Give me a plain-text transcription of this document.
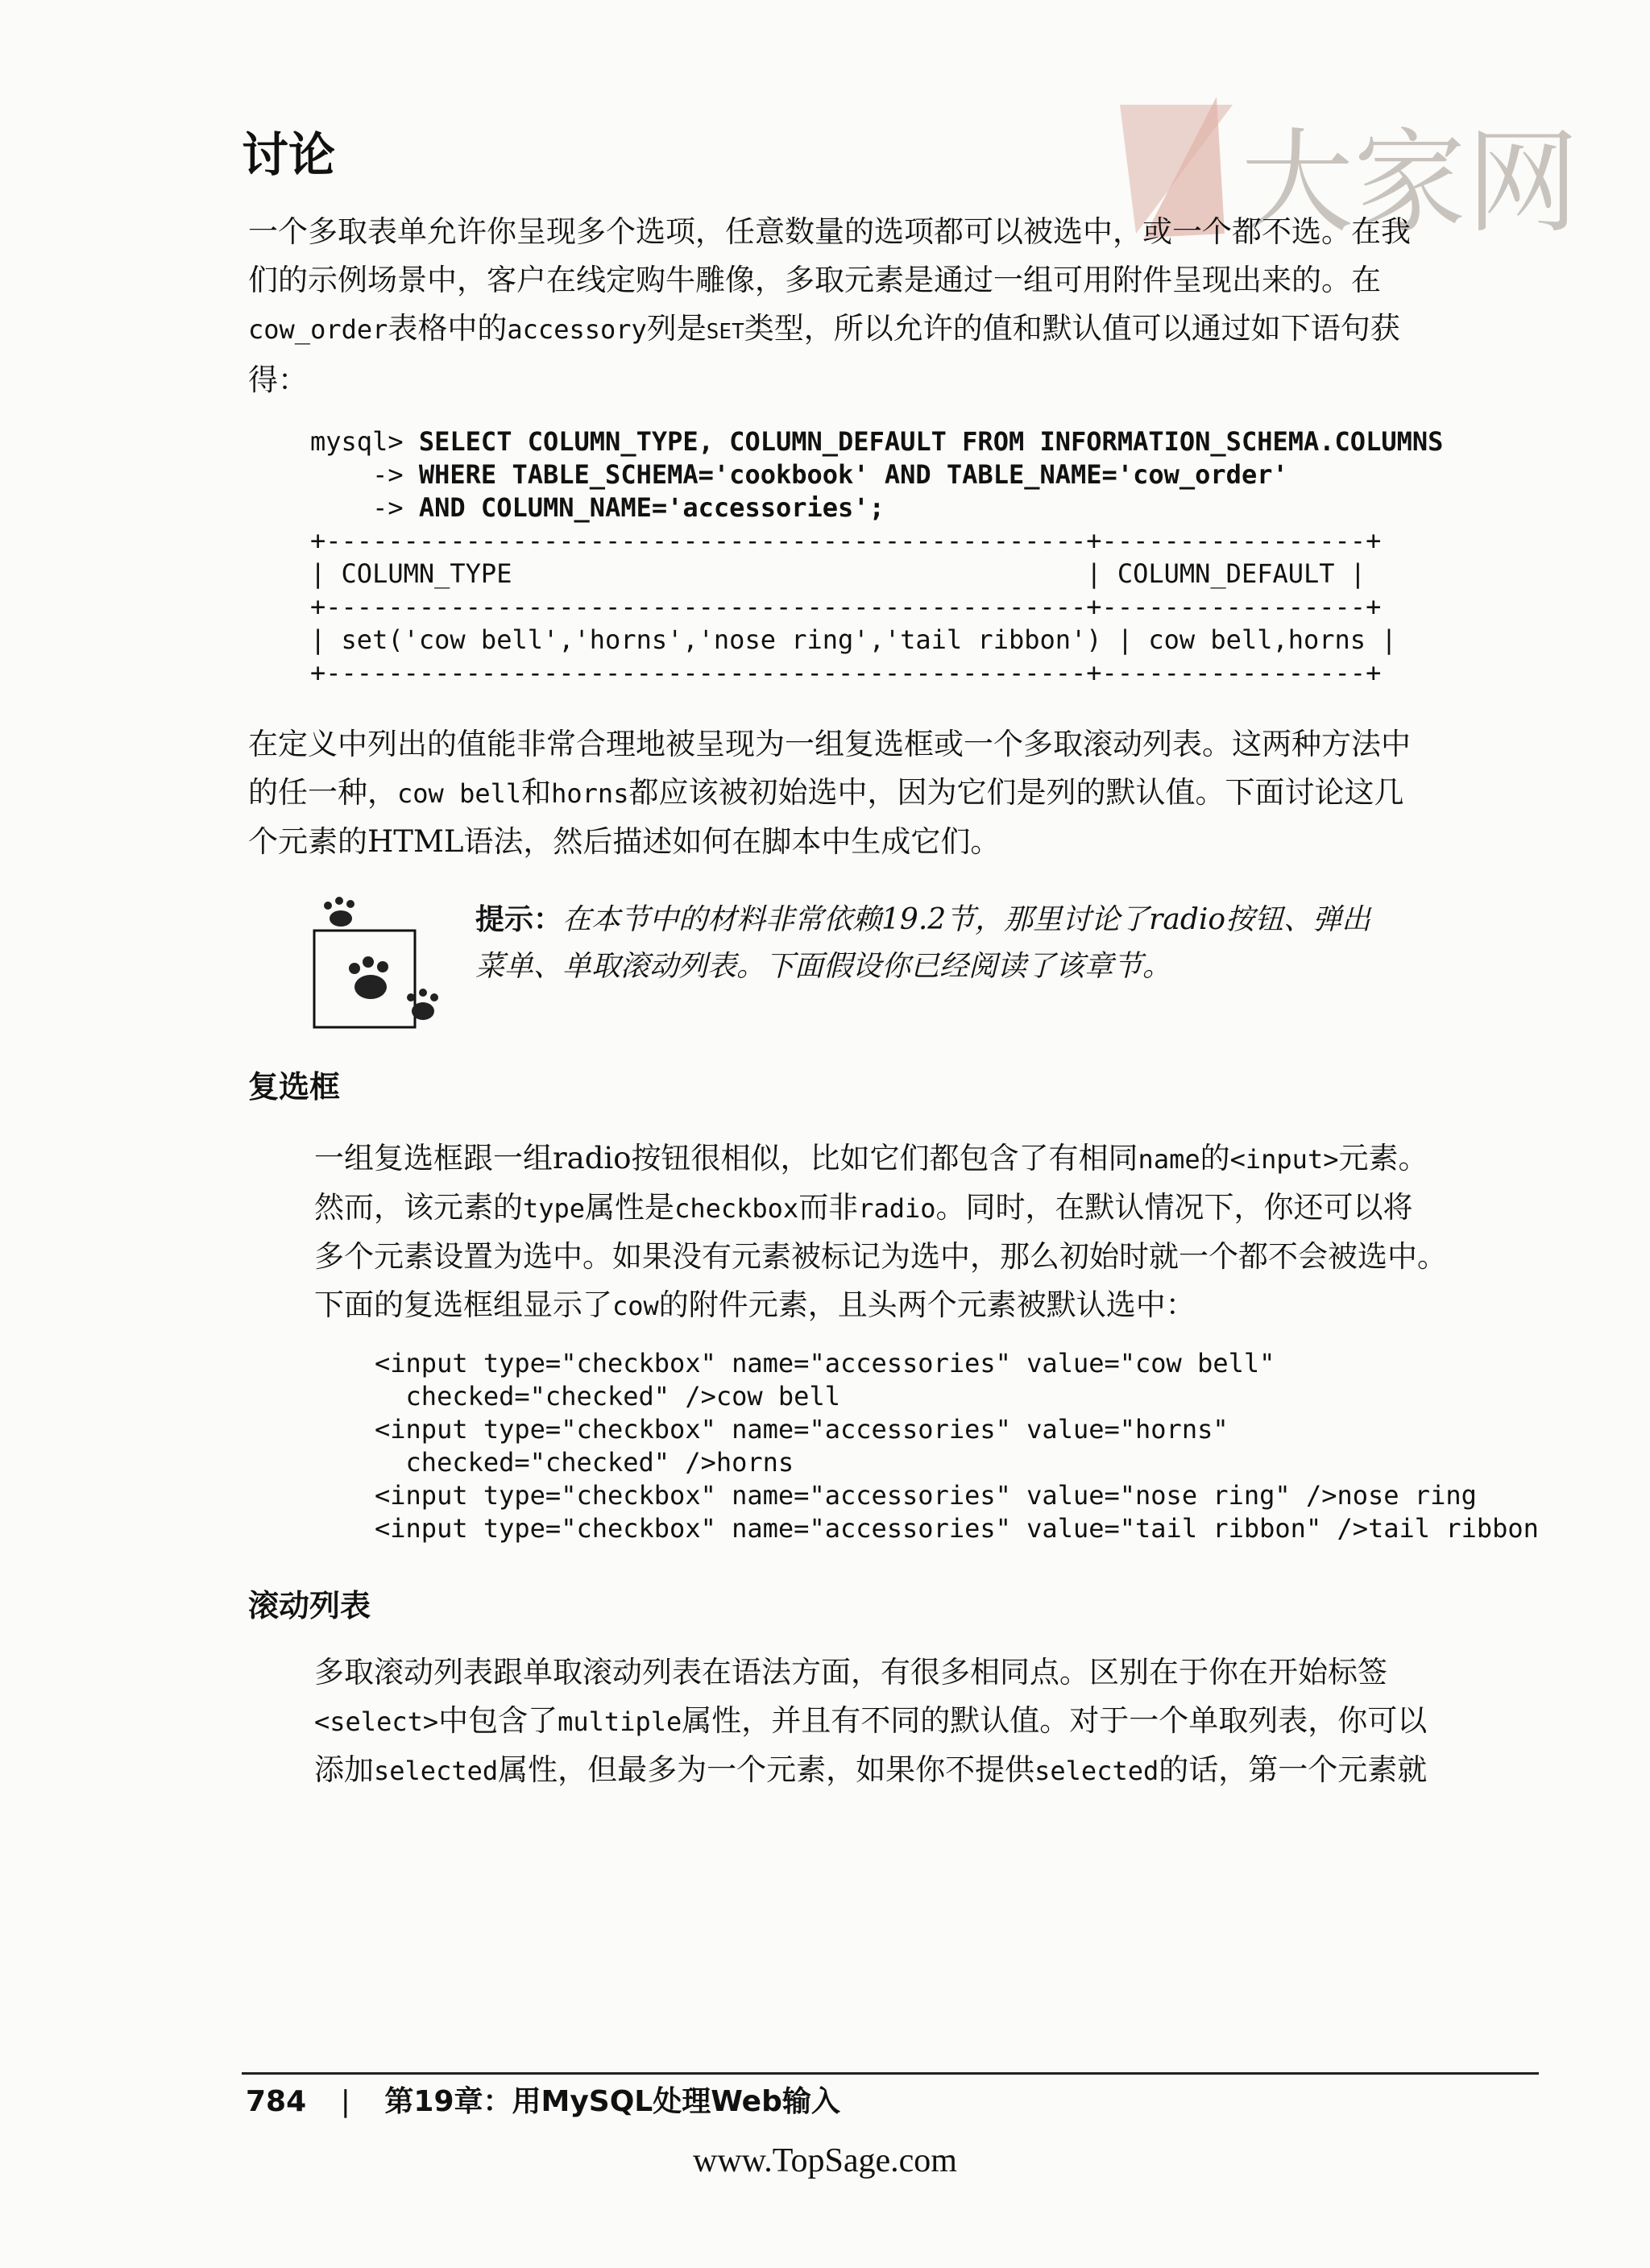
大家网
讨论
一个多取表单允许你呈现多个选项，任意数量的选项都可以被选中，或一个都不选。在我
们的示例场景中，客户在线定购牛雕像，多取元素是通过一组可用附件呈现出来的。在
cow_order表格中的accessory列是SET类型，所以允许的值和默认值可以通过如下语句获
得：
mysql> SELECT COLUMN_TYPE, COLUMN_DEFAULT FROM INFORMATION_SCHEMA.COLUMNS
-> WHERE TABLE_SCHEMA='cookbook' AND TABLE_NAME='cow_order'
-> AND COLUMN_NAME='accessories';
+-------------------------------------------------+-----------------+
| COLUMN_TYPE                                     | COLUMN_DEFAULT |
+-------------------------------------------------+-----------------+
| set('cow bell','horns','nose ring','tail ribbon') | cow bell,horns |
+-------------------------------------------------+-----------------+
在定义中列出的值能非常合理地被呈现为一组复选框或一个多取滚动列表。这两种方法中
的任一种，cow bell和horns都应该被初始选中，因为它们是列的默认值。下面讨论这几
个元素的HTML语法，然后描述如何在脚本中生成它们。
提示：在本节中的材料非常依赖19.2节，那里讨论了radio按钮、弹出
菜单、单取滚动列表。下面假设你已经阅读了该章节。
复选框
一组复选框跟一组radio按钮很相似，比如它们都包含了有相同name的<input>元素。
然而，该元素的type属性是checkbox而非radio。同时，在默认情况下，你还可以将
多个元素设置为选中。如果没有元素被标记为选中，那么初始时就一个都不会被选中。
下面的复选框组显示了cow的附件元素，且头两个元素被默认选中：
<input type="checkbox" name="accessories" value="cow bell"
checked="checked" />cow bell
<input type="checkbox" name="accessories" value="horns"
checked="checked" />horns
<input type="checkbox" name="accessories" value="nose ring" />nose ring
<input type="checkbox" name="accessories" value="tail ribbon" />tail ribbon
滚动列表
多取滚动列表跟单取滚动列表在语法方面，有很多相同点。区别在于你在开始标签
<select>中包含了multiple属性，并且有不同的默认值。对于一个单取列表，你可以
添加selected属性，但最多为一个元素，如果你不提供selected的话，第一个元素就
784 | 第19章：用MySQL处理Web输入
www.TopSage.com
